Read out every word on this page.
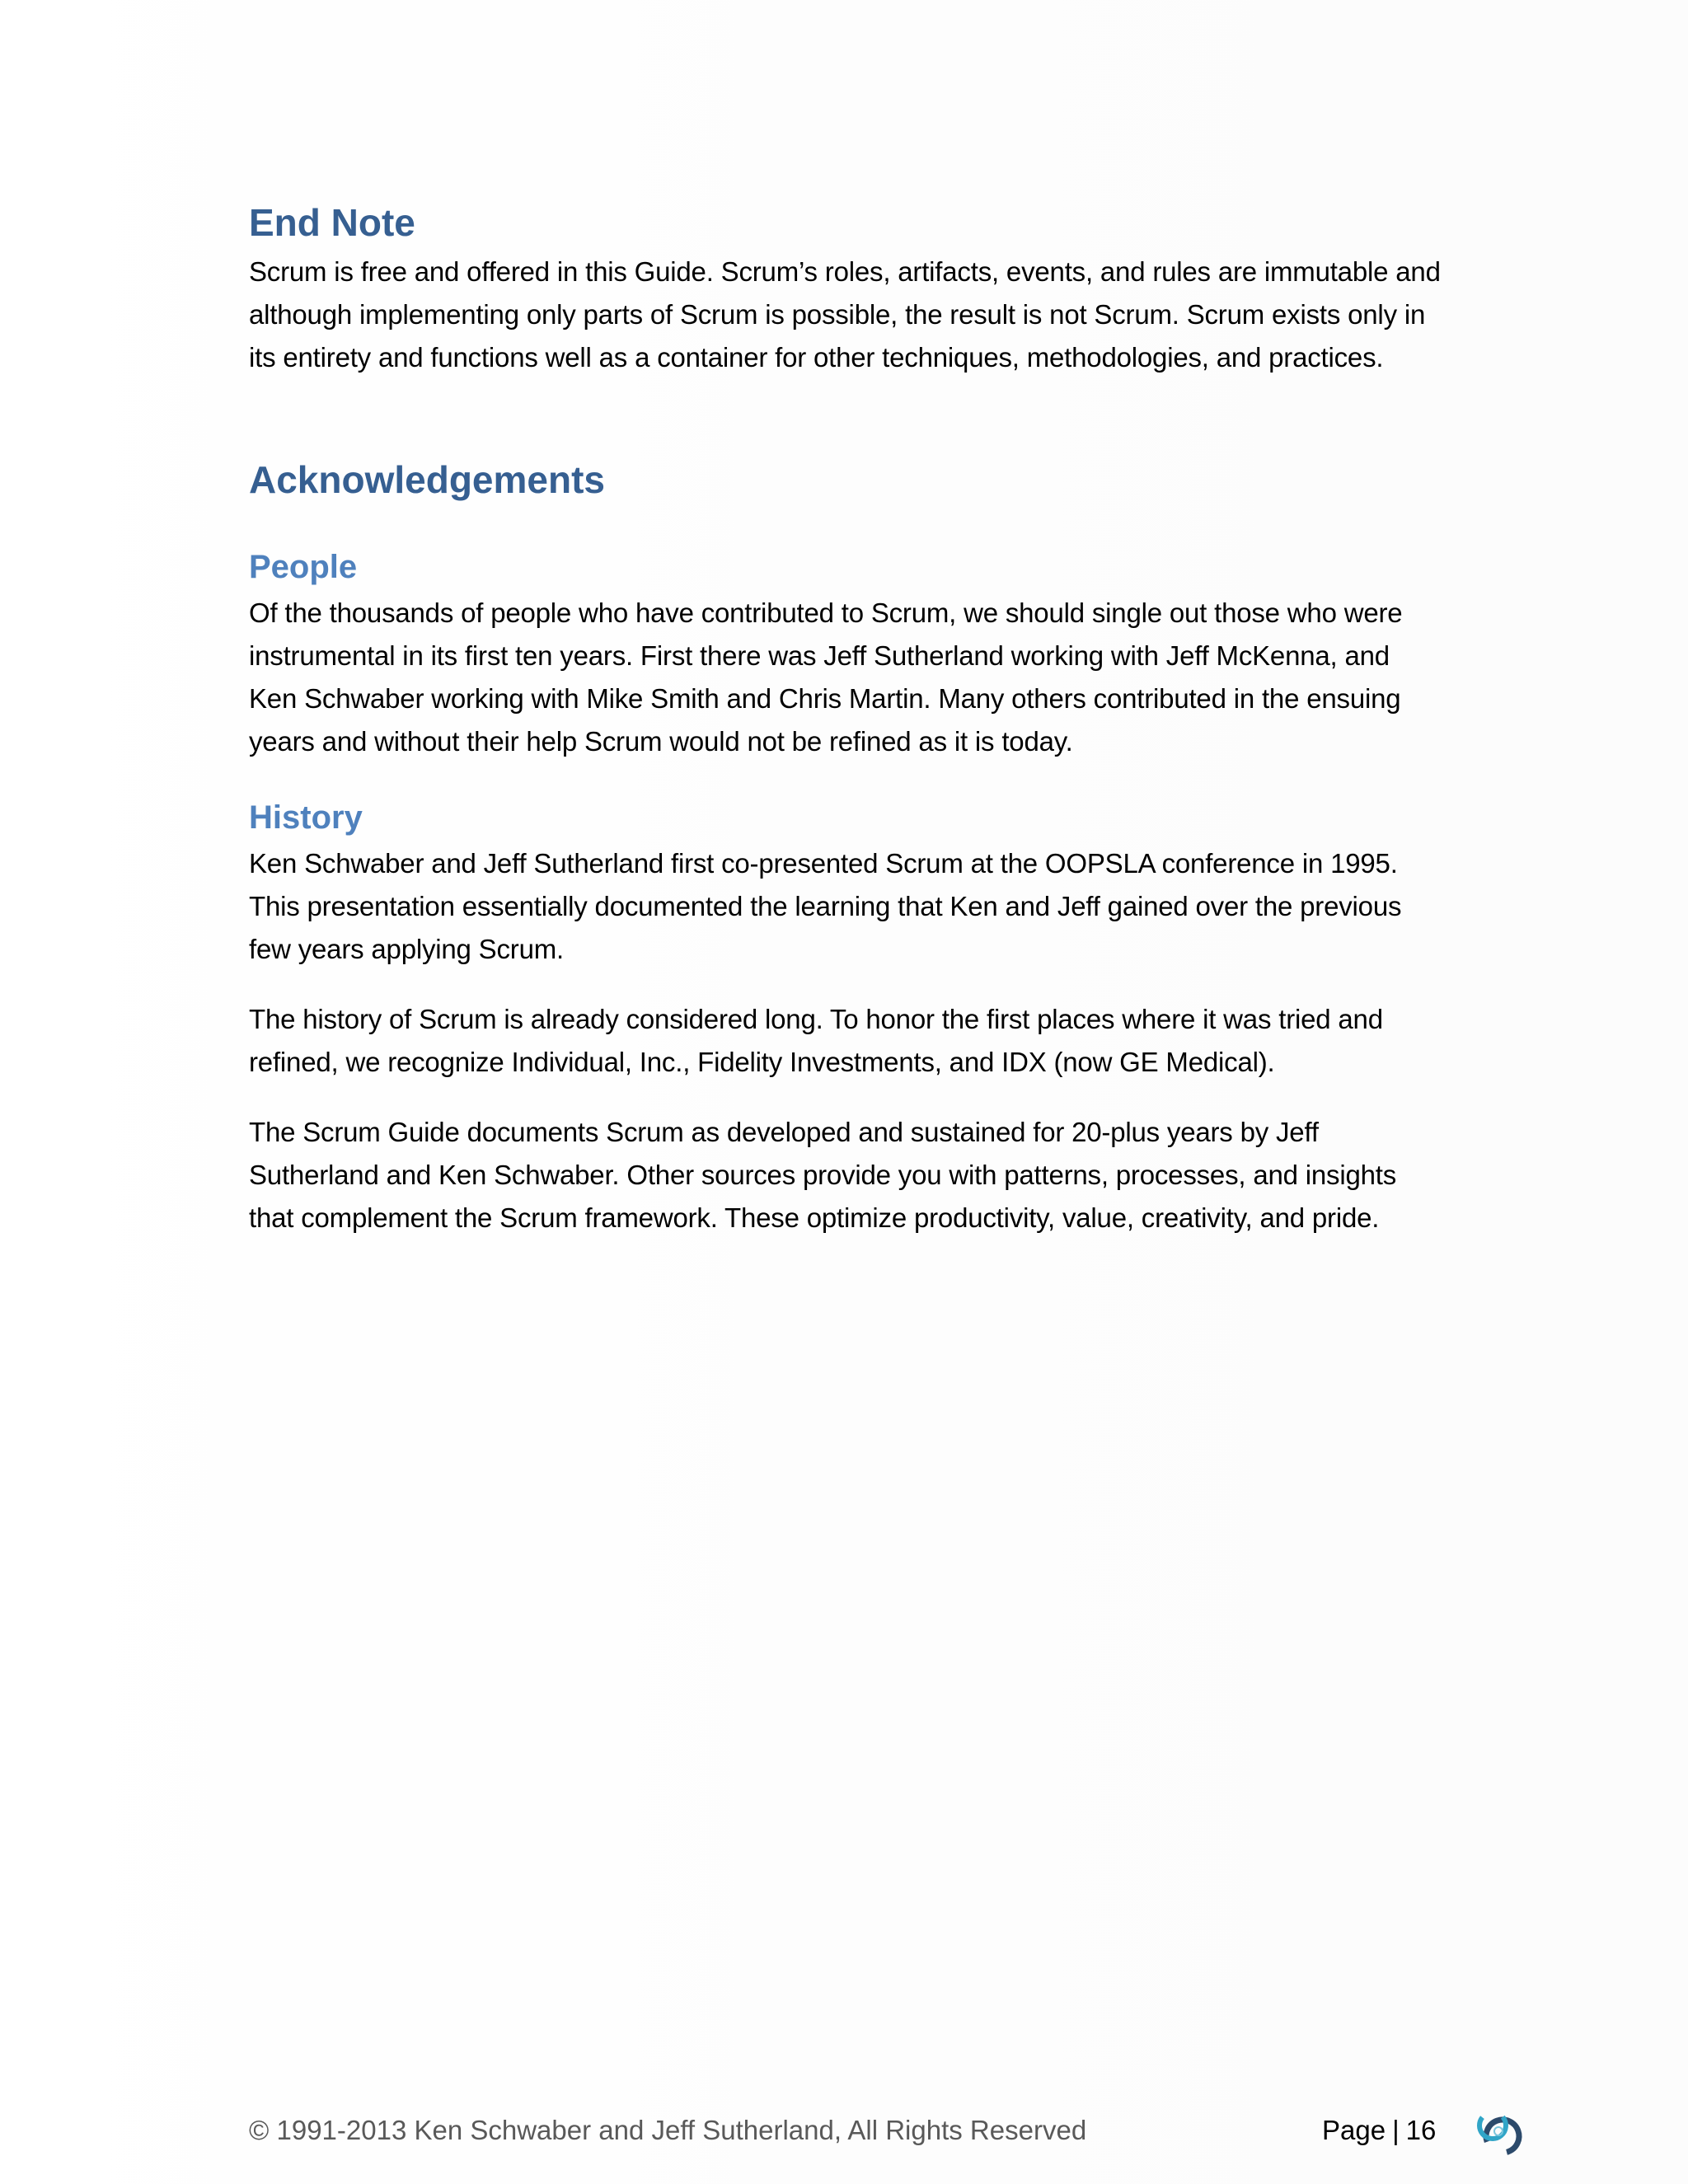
End Note

Scrum is free and offered in this Guide. Scrum’s roles, artifacts, events, and rules are immutable and although implementing only parts of Scrum is possible, the result is not Scrum. Scrum exists only in its entirety and functions well as a container for other techniques, methodologies, and practices.

Acknowledgements
People

Of the thousands of people who have contributed to Scrum, we should single out those who were instrumental in its first ten years. First there was Jeff Sutherland working with Jeff McKenna, and Ken Schwaber working with Mike Smith and Chris Martin. Many others contributed in the ensuing years and without their help Scrum would not be refined as it is today.

History

Ken Schwaber and Jeff Sutherland first co-presented Scrum at the OOPSLA conference in 1995. This presentation essentially documented the learning that Ken and Jeff gained over the previous few years applying Scrum.

The history of Scrum is already considered long. To honor the first places where it was tried and refined, we recognize Individual, Inc., Fidelity Investments, and IDX (now GE Medical).

The Scrum Guide documents Scrum as developed and sustained for 20-plus years by Jeff Sutherland and Ken Schwaber. Other sources provide you with patterns, processes, and insights that complement the Scrum framework. These optimize productivity, value, creativity, and pride.

© 1991-2013 Ken Schwaber and Jeff Sutherland, All Rights Reserved	Page | 16
